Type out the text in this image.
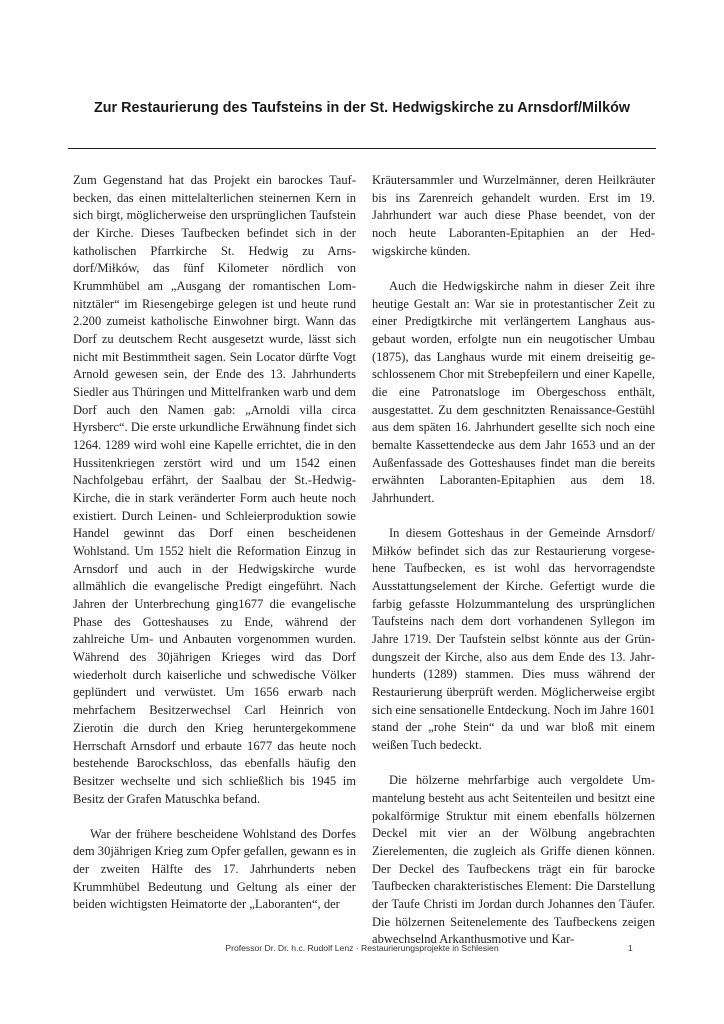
Zur Restaurierung des Taufsteins in der St. Hedwigskirche zu Arnsdorf/Milków

Zum Gegenstand hat das Projekt ein barockes Taufbecken, das einen mittelalterlichen steinernen Kern in sich birgt, möglicherweise den ursprünglichen Taufstein der Kirche. Dieses Taufbecken befindet sich in der katholischen Pfarrkirche St. Hedwig zu Arnsdorf/Miłków, das fünf Kilometer nördlich von Krummhübel am „Ausgang der romantischen Lomnitztäler“ im Riesengebirge gelegen ist und heute rund 2.200 zumeist katholische Einwohner birgt. Wann das Dorf zu deutschem Recht ausgesetzt wurde, lässt sich nicht mit Bestimmtheit sagen. Sein Locator dürfte Vogt Arnold gewesen sein, der Ende des 13. Jahrhunderts Siedler aus Thüringen und Mittelfranken warb und dem Dorf auch den Namen gab: „Arnoldi villa circa Hyrsberc“. Die erste urkundliche Erwähnung findet sich 1264. 1289 wird wohl eine Kapelle errichtet, die in den Hussitenkriegen zerstört wird und um 1542 einen Nachfolgebau erfährt, der Saalbau der St.-Hedwig-Kirche, die in stark veränderter Form auch heute noch existiert. Durch Leinen- und Schleierproduktion sowie Handel gewinnt das Dorf einen bescheidenen Wohlstand. Um 1552 hielt die Reformation Einzug in Arnsdorf und auch in der Hedwigskirche wurde allmählich die evangelische Predigt eingeführt. Nach Jahren der Unterbrechung ging1677 die evangelische Phase des Gotteshauses zu Ende, während der zahlreiche Um- und Anbauten vorgenommen wurden. Während des 30jährigen Krieges wird das Dorf wiederholt durch kaiserliche und schwedische Völker geplündert und verwüstet. Um 1656 erwarb nach mehrfachem Besitzerwechsel Carl Heinrich von Zierotin die durch den Krieg heruntergekommene Herrschaft Arnsdorf und erbaute 1677 das heute noch bestehende Barockschloss, das ebenfalls häufig den Besitzer wechselte und sich schließlich bis 1945 im Besitz der Grafen Matuschka befand.

War der frühere bescheidene Wohlstand des Dorfes dem 30jährigen Krieg zum Opfer gefallen, gewann es in der zweiten Hälfte des 17. Jahrhunderts neben Krummhübel Bedeutung und Geltung als einer der beiden wichtigsten Heimatorte der „Laboranten“, der

Kräutersammler und Wurzelmänner, deren Heilkräuter bis ins Zarenreich gehandelt wurden. Erst im 19. Jahrhundert war auch diese Phase beendet, von der noch heute Laboranten-Epitaphien an der Hedwigskirche künden.

Auch die Hedwigskirche nahm in dieser Zeit ihre heutige Gestalt an: War sie in protestantischer Zeit zu einer Predigtkirche mit verlängertem Langhaus ausgebaut worden, erfolgte nun ein neugotischer Umbau (1875), das Langhaus wurde mit einem dreiseitig geschlossenem Chor mit Strebepfeilern und einer Kapelle, die eine Patronatsloge im Obergeschoss enthält, ausgestattet. Zu dem geschnitzten Renaissance-Gestühl aus dem späten 16. Jahrhundert gesellte sich noch eine bemalte Kassettendecke aus dem Jahr 1653 und an der Außenfassade des Gotteshauses findet man die bereits erwähnten Laboranten-Epitaphien aus dem 18. Jahrhundert.

In diesem Gotteshaus in der Gemeinde Arnsdorf/ Miłków befindet sich das zur Restaurierung vorgesehene Taufbecken, es ist wohl das hervorragendste Ausstattungselement der Kirche. Gefertigt wurde die farbig gefasste Holzummantelung des ursprünglichen Taufsteins nach dem dort vorhandenen Syllegon im Jahre 1719. Der Taufstein selbst könnte aus der Gründungszeit der Kirche, also aus dem Ende des 13. Jahrhunderts (1289) stammen. Dies muss während der Restaurierung überprüft werden. Möglicherweise ergibt sich eine sensationelle Entdeckung. Noch im Jahre 1601 stand der „rohe Stein“ da und war bloß mit einem weißen Tuch bedeckt.

Die hölzerne mehrfarbige auch vergoldete Ummantelung besteht aus acht Seitenteilen und besitzt eine pokalförmige Struktur mit einem ebenfalls hölzernen Deckel mit vier an der Wölbung angebrachten Zierelementen, die zugleich als Griffe dienen können. Der Deckel des Taufbeckens trägt ein für barocke Taufbecken charakteristisches Element: Die Darstellung der Taufe Christi im Jordan durch Johannes den Täufer. Die hölzernen Seitenelemente des Taufbeckens zeigen abwechselnd Arkanthusmotive und Kar-

Professor Dr. Dr. h.c. Rudolf Lenz · Restaurierungsprojekte in Schlesien	1
